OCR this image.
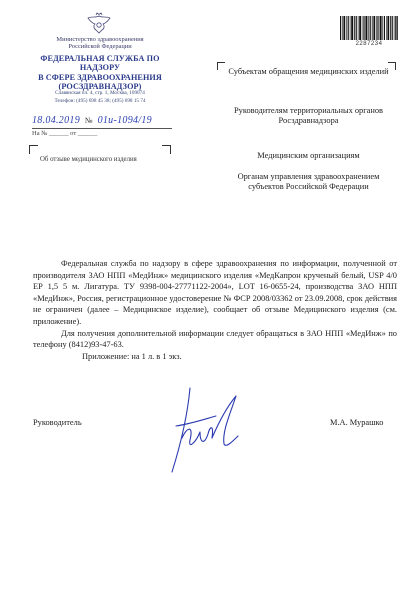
Министерство здравоохранения
Российской Федерации
ФЕДЕРАЛЬНАЯ СЛУЖБА ПО НАДЗОРУ
В СФЕРЕ ЗДРАВООХРАНЕНИЯ
(РОСЗДРАВНАДЗОР)
Славянская пл. 4, стр. 1, Москва, 109074
Телефон: (495) 698 45 38; (495) 698 15 74
18.04.2019 № 01и-1094/19
На № ______ от ______
Об отзыве медицинского изделия
2287234
Субъектам обращения медицинских изделий
Руководителям территориальных органов Росздравнадзора
Медицинским организациям
Органам управления здравоохранением субъектов Российской Федерации

Федеральная служба по надзору в сфере здравоохранения по информации, полученной от производителя ЗАО НПП «МедИнж» медицинского изделия «МедКапрон крученый белый, USP 4/0 ЕР 1,5 5 м. Лигатура. ТУ 9398-004-27771122-2004», LOT 16-0655-24, производства ЗАО НПП «МедИнж», Россия, регистрационное удостоверение № ФСР 2008/03362 от 23.09.2008, срок действия не ограничен (далее – Медицинское изделие), сообщает об отзыве Медицинского изделия (см. приложение).

Для получения дополнительной информации следует обращаться в ЗАО НПП «МедИнж» по телефону (8412)93-47-63.

Приложение: на 1 л. в 1 экз.
Руководитель	М.А. Мурашко
